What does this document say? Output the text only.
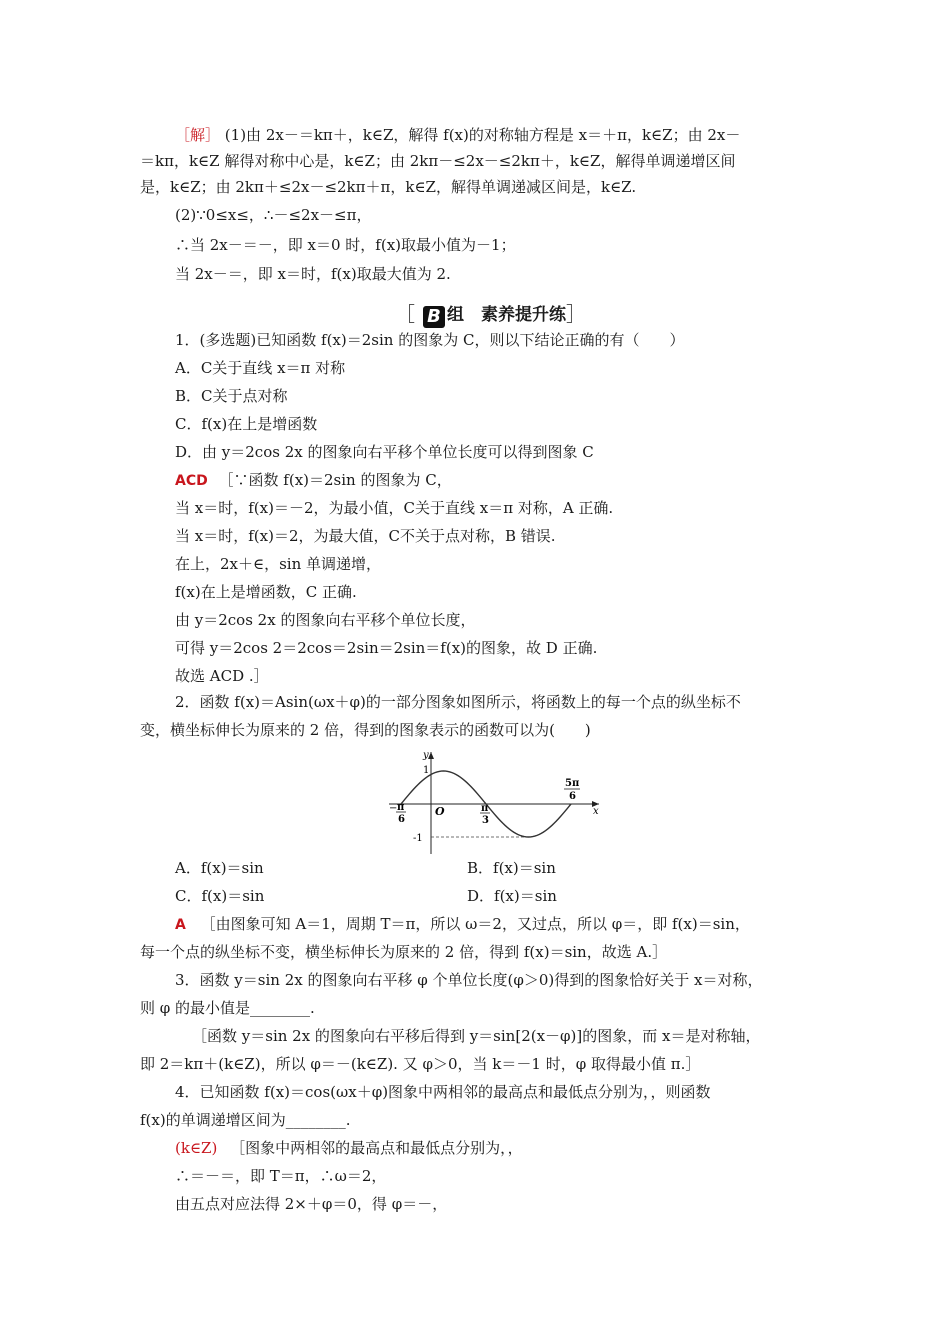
［解］ (1)由 2x－＝kπ＋，k∈Z，解得 f(x)的对称轴方程是 x＝＋π，k∈Z；由 2x－
＝kπ，k∈Z 解得对称中心是，k∈Z；由 2kπ－≤2x－≤2kπ＋，k∈Z，解得单调递增区间
是，k∈Z；由 2kπ＋≤2x－≤2kπ＋π，k∈Z，解得单调递减区间是，k∈Z.
(2)∵0≤x≤，∴－≤2x－≤π，
∴当 2x－＝－，即 x＝0 时，f(x)取最小值为－1；
当 2x－＝，即 x＝时，f(x)取最大值为 2.
［ B 组　素养提升练］
1．(多选题)已知函数 f(x)＝2sin 的图象为 C，则以下结论正确的有（　　）
A．C关于直线 x＝π 对称
B．C关于点对称
C．f(x)在上是增函数
D．由 y＝2cos 2x 的图象向右平移个单位长度可以得到图象 C
ACD ［∵函数 f(x)＝2sin 的图象为 C，
当 x＝时，f(x)＝－2，为最小值，C关于直线 x＝π 对称，A 正确.
当 x＝时，f(x)＝2，为最大值，C不关于点对称，B 错误.
在上，2x＋∈，sin 单调递增，
f(x)在上是增函数，C 正确.
由 y＝2cos 2x 的图象向右平移个单位长度，
可得 y＝2cos 2＝2cos＝2sin＝2sin＝f(x)的图象，故 D 正确.
故选 ACD .］
2．函数 f(x)＝Asin(ωx＋φ)的一部分图象如图所示，将函数上的每一个点的纵坐标不
变，横坐标伸长为原来的 2 倍，得到的图象表示的函数可以为(　　)
y
x
O
1
-1
− π
6
π
3
5π
6
A．f(x)＝sin	B．f(x)＝sin
C．f(x)＝sin	D．f(x)＝sin
A ［由图象可知 A＝1，周期 T＝π，所以 ω＝2，又过点，所以 φ＝，即 f(x)＝sin，
每一个点的纵坐标不变，横坐标伸长为原来的 2 倍，得到 f(x)＝sin，故选 A.］
3．函数 y＝sin 2x 的图象向右平移 φ 个单位长度(φ＞0)得到的图象恰好关于 x＝对称，
则 φ 的最小值是________.
［函数 y＝sin 2x 的图象向右平移后得到 y＝sin[2(x－φ)]的图象，而 x＝是对称轴，
即 2＝kπ＋(k∈Z)，所以 φ＝－(k∈Z). 又 φ＞0，当 k＝－1 时，φ 取得最小值 π.］
4．已知函数 f(x)＝cos(ωx＋φ)图象中两相邻的最高点和最低点分别为，，则函数
f(x)的单调递增区间为________.
(k∈Z) ［图象中两相邻的最高点和最低点分别为，，
∴＝－＝，即 T＝π，∴ω＝2，
由五点对应法得 2×＋φ＝0，得 φ＝－，
